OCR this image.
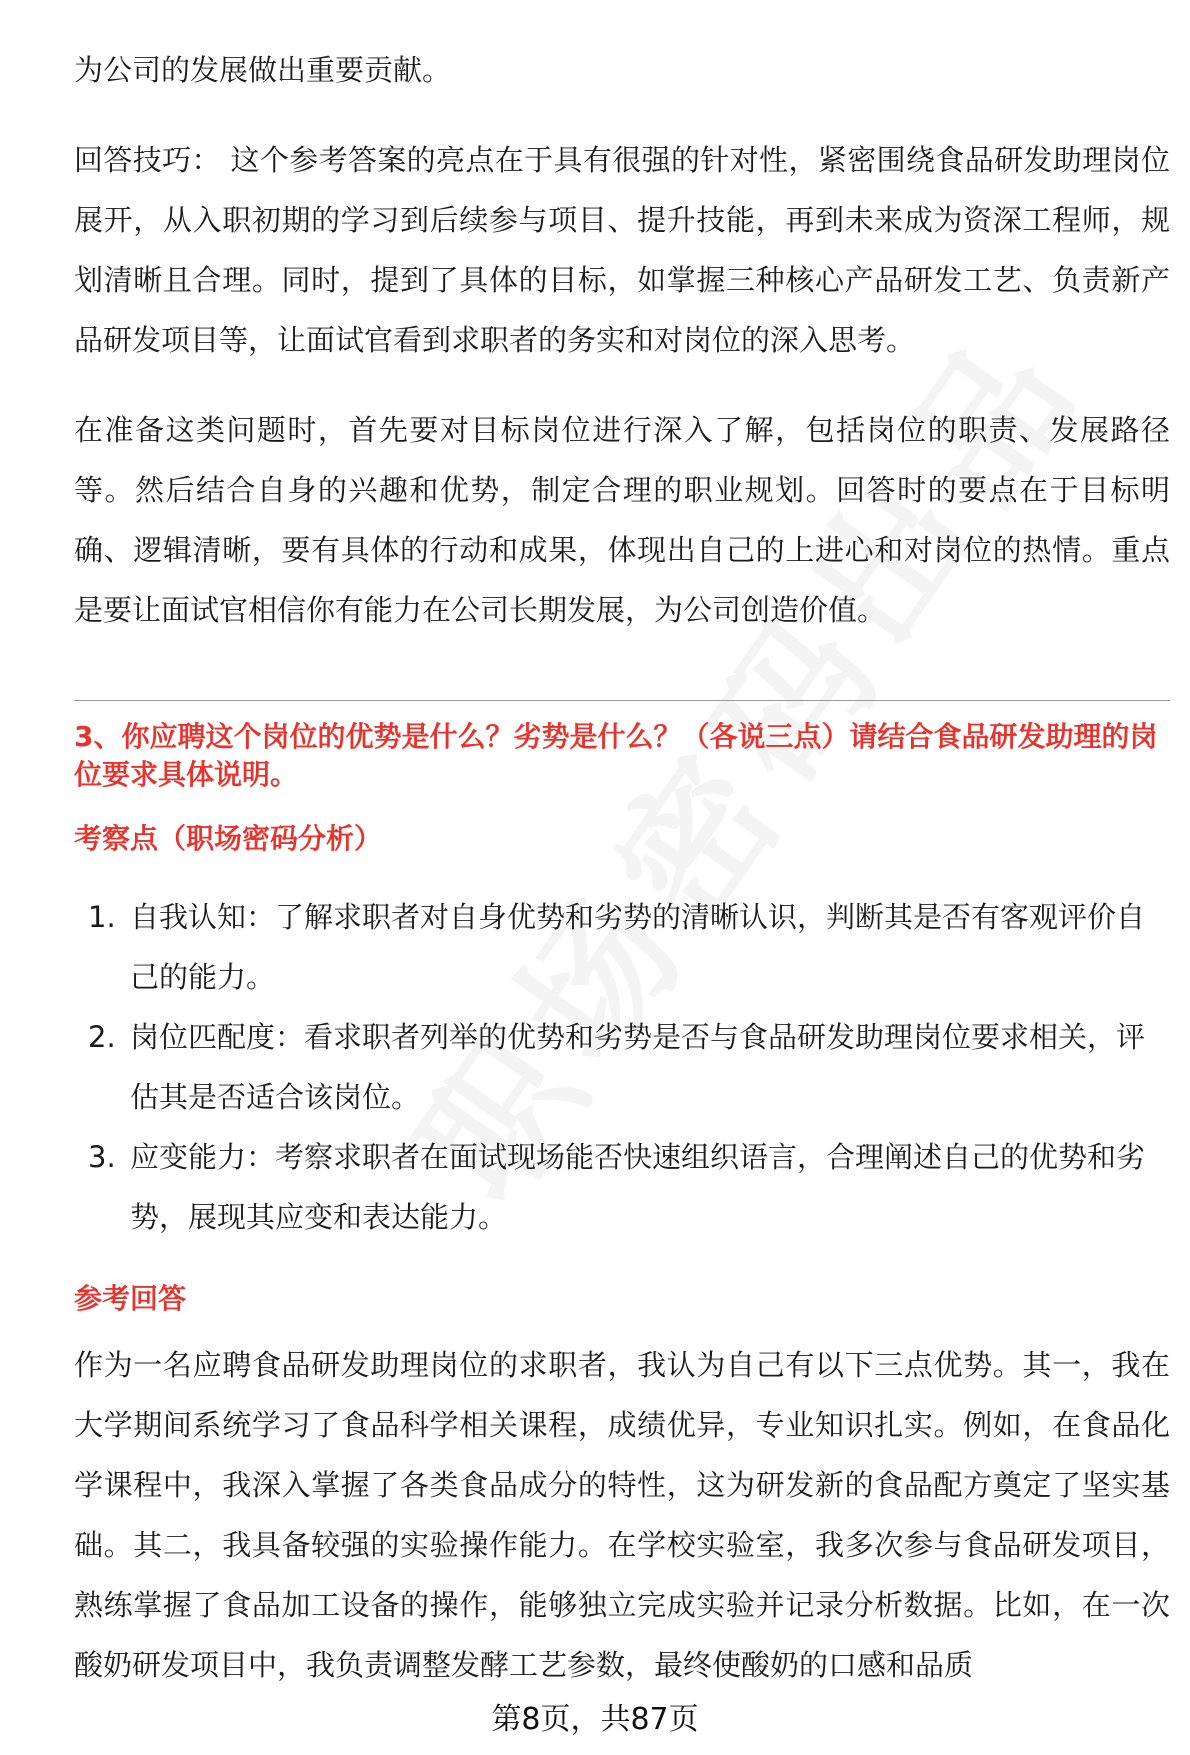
为公司的发展做出重要贡献。

回答技巧： 这个参考答案的亮点在于具有很强的针对性，紧密围绕食品研发助理岗位展开，从入职初期的学习到后续参与项目、提升技能，再到未来成为资深工程师，规划清晰且合理。同时，提到了具体的目标，如掌握三种核心产品研发工艺、负责新产品研发项目等，让面试官看到求职者的务实和对岗位的深入思考。

在准备这类问题时，首先要对目标岗位进行深入了解，包括岗位的职责、发展路径等。然后结合自身的兴趣和优势，制定合理的职业规划。回答时的要点在于目标明确、逻辑清晰，要有具体的行动和成果，体现出自己的上进心和对岗位的热情。重点是要让面试官相信你有能力在公司长期发展，为公司创造价值。

3、你应聘这个岗位的优势是什么？劣势是什么？（各说三点）请结合食品研发助理的岗位要求具体说明。

考察点（职场密码分析）

1. 自我认知：了解求职者对自身优势和劣势的清晰认识，判断其是否有客观评价自己的能力。
2. 岗位匹配度：看求职者列举的优势和劣势是否与食品研发助理岗位要求相关，评估其是否适合该岗位。
3. 应变能力：考察求职者在面试现场能否快速组织语言，合理阐述自己的优势和劣势，展现其应变和表达能力。

参考回答

作为一名应聘食品研发助理岗位的求职者，我认为自己有以下三点优势。其一，我在大学期间系统学习了食品科学相关课程，成绩优异，专业知识扎实。例如，在食品化学课程中，我深入掌握了各类食品成分的特性，这为研发新的食品配方奠定了坚实基础。其二，我具备较强的实验操作能力。在学校实验室，我多次参与食品研发项目，熟练掌握了食品加工设备的操作，能够独立完成实验并记录分析数据。比如，在一次酸奶研发项目中，我负责调整发酵工艺参数，最终使酸奶的口感和品质

第8页，共87页
